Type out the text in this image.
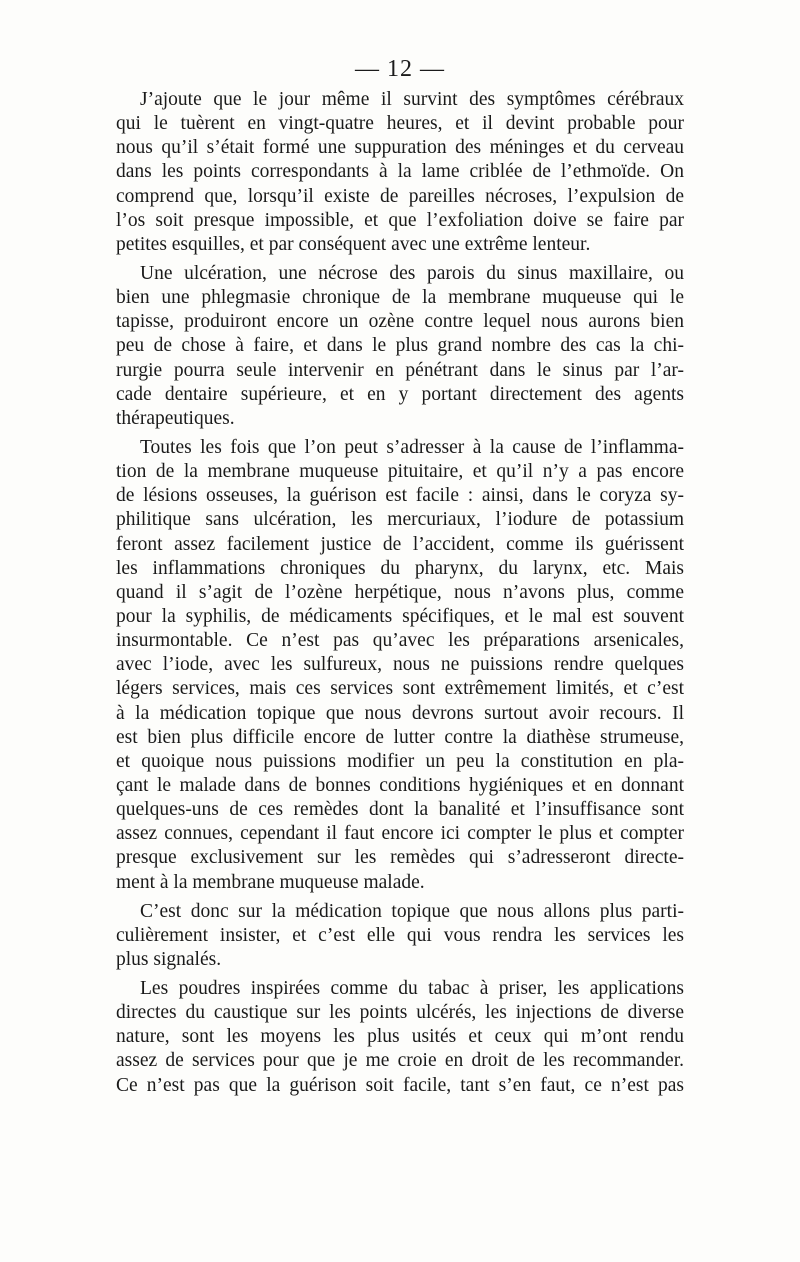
— 12 —
J’ajoute que le jour même il survint des symptômes cérébraux
qui le tuèrent en vingt-quatre heures, et il devint probable pour
nous qu’il s’était formé une suppuration des méninges et du cerveau
dans les points correspondants à la lame criblée de l’ethmoïde. On
comprend que, lorsqu’il existe de pareilles nécroses, l’expulsion de
l’os soit presque impossible, et que l’exfoliation doive se faire par
petites esquilles, et par conséquent avec une extrême lenteur.
Une ulcération, une nécrose des parois du sinus maxillaire, ou
bien une phlegmasie chronique de la membrane muqueuse qui le
tapisse, produiront encore un ozène contre lequel nous aurons bien
peu de chose à faire, et dans le plus grand nombre des cas la chi-
rurgie pourra seule intervenir en pénétrant dans le sinus par l’ar-
cade dentaire supérieure, et en y portant directement des agents
thérapeutiques.
Toutes les fois que l’on peut s’adresser à la cause de l’inflamma-
tion de la membrane muqueuse pituitaire, et qu’il n’y a pas encore
de lésions osseuses, la guérison est facile : ainsi, dans le coryza sy-
philitique sans ulcération, les mercuriaux, l’iodure de potassium
feront assez facilement justice de l’accident, comme ils guérissent
les inflammations chroniques du pharynx, du larynx, etc. Mais
quand il s’agit de l’ozène herpétique, nous n’avons plus, comme
pour la syphilis, de médicaments spécifiques, et le mal est souvent
insurmontable. Ce n’est pas qu’avec les préparations arsenicales,
avec l’iode, avec les sulfureux, nous ne puissions rendre quelques
légers services, mais ces services sont extrêmement limités, et c’est
à la médication topique que nous devrons surtout avoir recours. Il
est bien plus difficile encore de lutter contre la diathèse strumeuse,
et quoique nous puissions modifier un peu la constitution en pla-
çant le malade dans de bonnes conditions hygiéniques et en donnant
quelques-uns de ces remèdes dont la banalité et l’insuffisance sont
assez connues, cependant il faut encore ici compter le plus et compter
presque exclusivement sur les remèdes qui s’adresseront directe-
ment à la membrane muqueuse malade.
C’est donc sur la médication topique que nous allons plus parti-
culièrement insister, et c’est elle qui vous rendra les services les
plus signalés.
Les poudres inspirées comme du tabac à priser, les applications
directes du caustique sur les points ulcérés, les injections de diverse
nature, sont les moyens les plus usités et ceux qui m’ont rendu
assez de services pour que je me croie en droit de les recommander.
Ce n’est pas que la guérison soit facile, tant s’en faut, ce n’est pas
